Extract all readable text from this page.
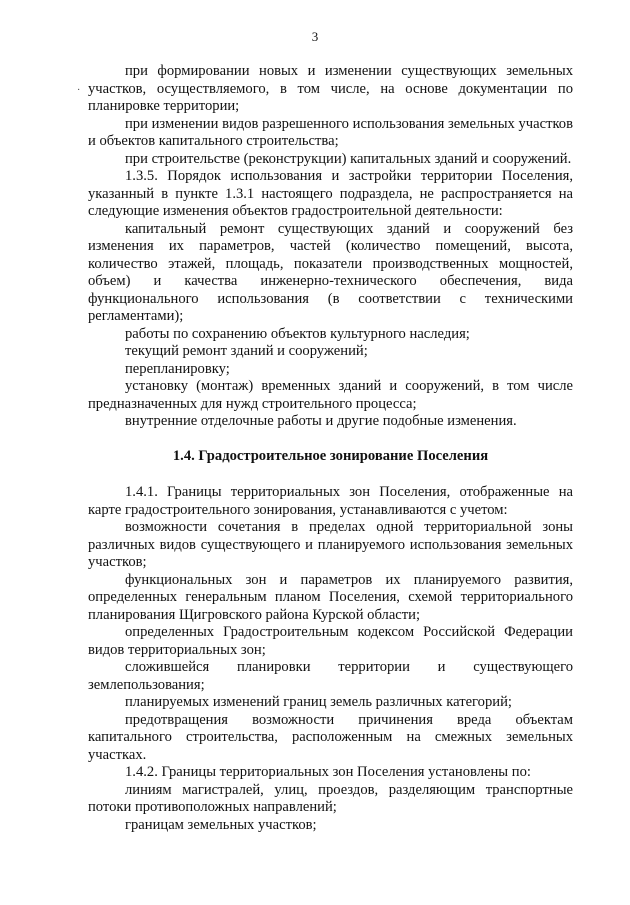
3
·

при формировании новых и изменении существующих земельных участков, осуществляемого, в том числе, на основе документации по планировке территории;

при изменении видов разрешенного использования земельных участков и объектов капитального строительства;

при строительстве (реконструкции) капитальных зданий и сооружений.

1.3.5. Порядок использования и застройки территории Поселения, указанный в пункте 1.3.1 настоящего подраздела, не распространяется на следующие изменения объектов градостроительной деятельности:

капитальный ремонт существующих зданий и сооружений без изменения их параметров, частей (количество помещений, высота, количество этажей, площадь, показатели производственных мощностей, объем) и качества инженерно-технического обеспечения, вида функционального использования (в соответствии с техническими регламентами);

работы по сохранению объектов культурного наследия;

текущий ремонт зданий и сооружений;

перепланировку;

установку (монтаж) временных зданий и сооружений, в том числе предназначенных для нужд строительного процесса;

внутренние отделочные работы и другие подобные изменения.

1.4. Градостроительное зонирование Поселения

1.4.1. Границы территориальных зон Поселения, отображенные на карте градостроительного зонирования, устанавливаются с учетом:

возможности сочетания в пределах одной территориальной зоны различных видов существующего и планируемого использования земельных участков;

функциональных зон и параметров их планируемого развития, определенных генеральным планом Поселения, схемой территориального планирования Щигровского района Курской области;

определенных Градостроительным кодексом Российской Федерации видов территориальных зон;

сложившейся планировки территории и существующего землепользования;

планируемых изменений границ земель различных категорий;

предотвращения возможности причинения вреда объектам капитального строительства, расположенным на смежных земельных участках.

1.4.2. Границы территориальных зон Поселения установлены по:

линиям магистралей, улиц, проездов, разделяющим транспортные потоки противоположных направлений;

границам земельных участков;
